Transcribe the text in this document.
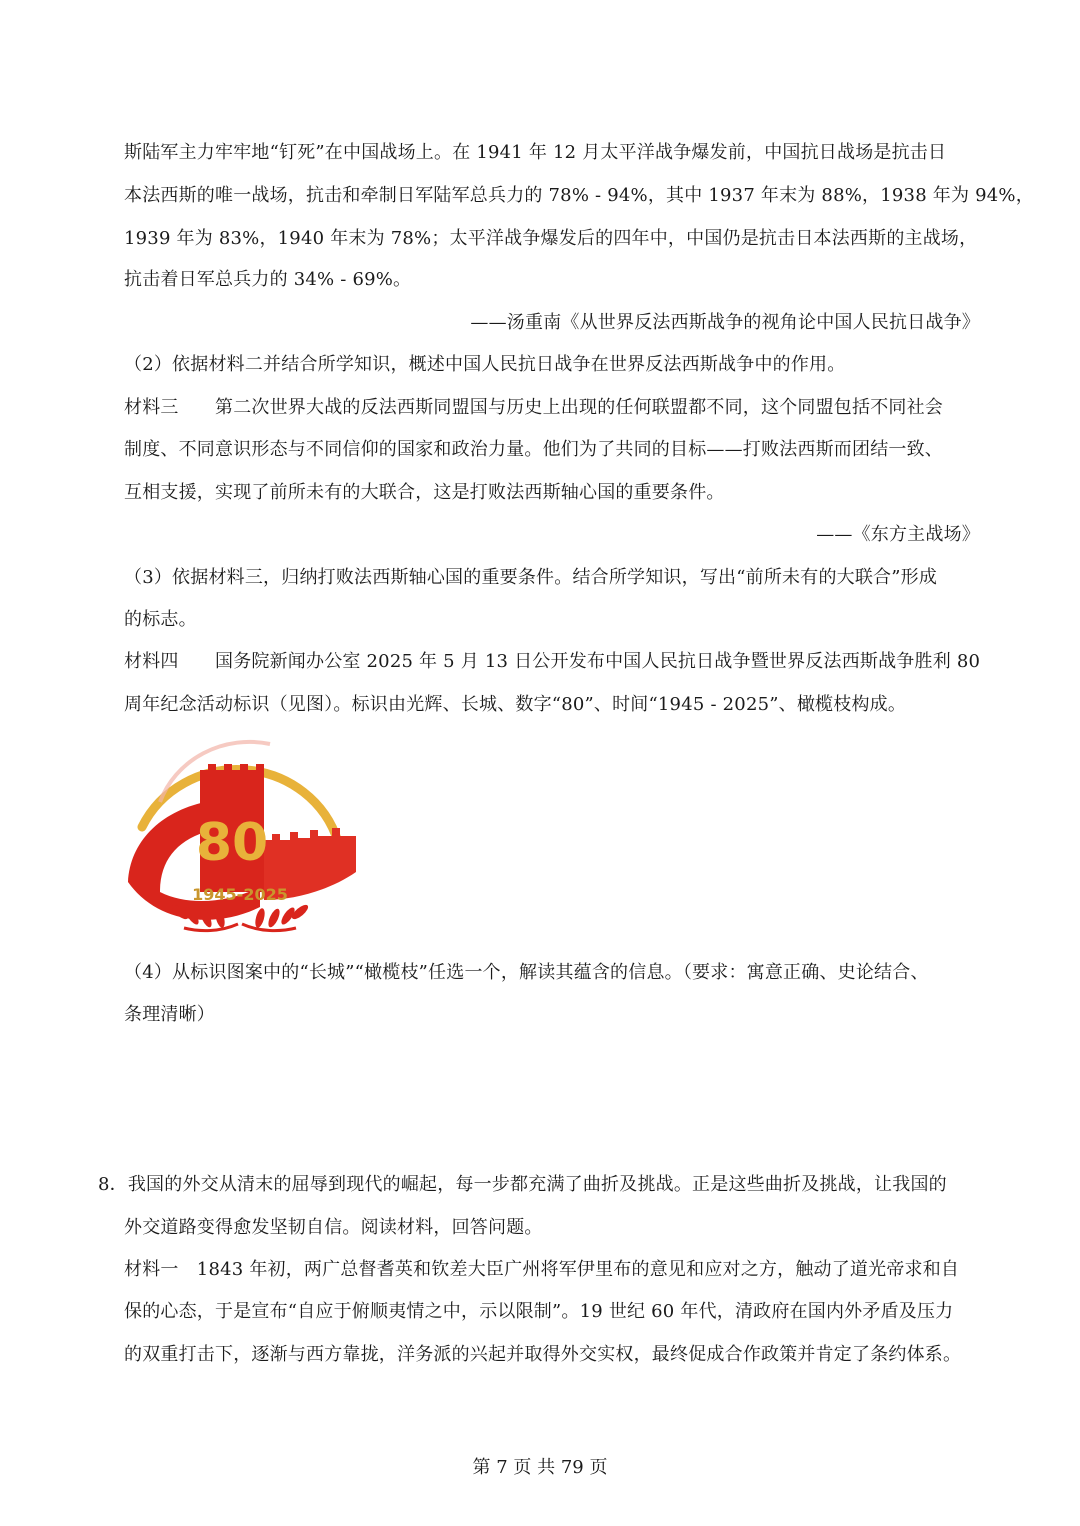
斯陆军主力牢牢地“钉死”在中国战场上。在 1941 年 12 月太平洋战争爆发前，中国抗日战场是抗击日
本法西斯的唯一战场，抗击和牵制日军陆军总兵力的 78% - 94%，其中 1937 年末为 88%，1938 年为 94%，
1939 年为 83%，1940 年末为 78%；太平洋战争爆发后的四年中，中国仍是抗击日本法西斯的主战场，
抗击着日军总兵力的 34% - 69%。
——汤重南《从世界反法西斯战争的视角论中国人民抗日战争》
（2）依据材料二并结合所学知识，概述中国人民抗日战争在世界反法西斯战争中的作用。
材料三　　第二次世界大战的反法西斯同盟国与历史上出现的任何联盟都不同，这个同盟包括不同社会
制度、不同意识形态与不同信仰的国家和政治力量。他们为了共同的目标——打败法西斯而团结一致、
互相支援，实现了前所未有的大联合，这是打败法西斯轴心国的重要条件。
——《东方主战场》
（3）依据材料三，归纳打败法西斯轴心国的重要条件。结合所学知识，写出“前所未有的大联合”形成
的标志。
材料四　　国务院新闻办公室 2025 年 5 月 13 日公开发布中国人民抗日战争暨世界反法西斯战争胜利 80
周年纪念活动标识（见图）。标识由光辉、长城、数字“80”、时间“1945 - 2025”、橄榄枝构成。
80
1945-2025
（4）从标识图案中的“长城”“橄榄枝”任选一个，解读其蕴含的信息。（要求：寓意正确、史论结合、
条理清晰）
8．我国的外交从清末的屈辱到现代的崛起，每一步都充满了曲折及挑战。正是这些曲折及挑战，让我国的
外交道路变得愈发坚韧自信。阅读材料，回答问题。
材料一　1843 年初，两广总督耆英和钦差大臣广州将军伊里布的意见和应对之方，触动了道光帝求和自
保的心态，于是宣布“自应于俯顺夷情之中，示以限制”。19 世纪 60 年代，清政府在国内外矛盾及压力
的双重打击下，逐渐与西方靠拢，洋务派的兴起并取得外交实权，最终促成合作政策并肯定了条约体系。
第 7 页 共 79 页
